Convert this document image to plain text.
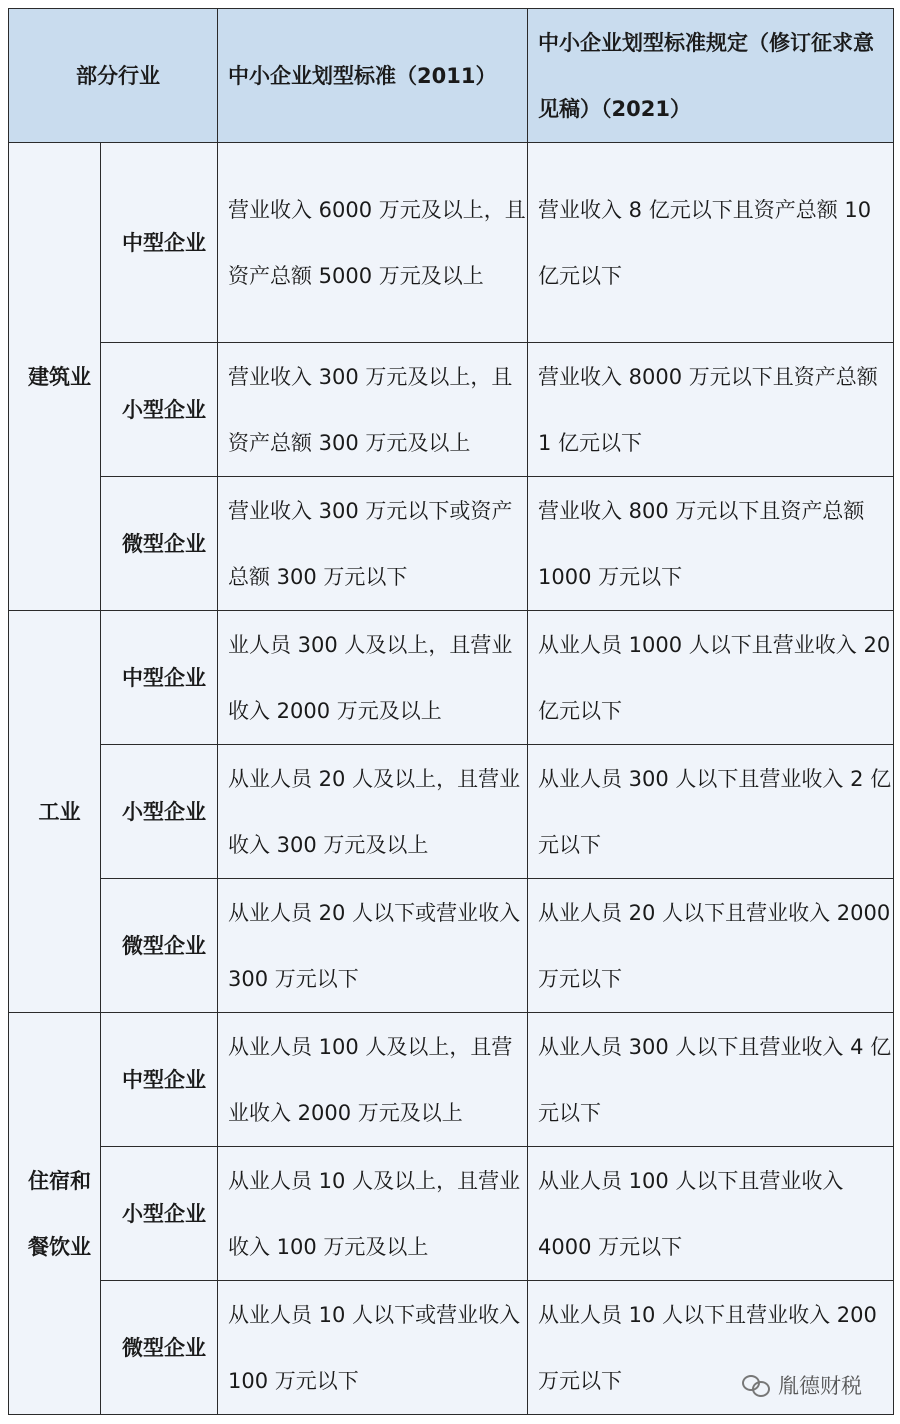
部分行业		中小企业划型标准（2011）	中小企业划型标准规定（修订征求意见稿）（2021）
建筑业	中型企业	营业收入 6000 万元及以上，且资产总额 5000 万元及以上	营业收入 8 亿元以下且资产总额 10 亿元以下
	小型企业	营业收入 300 万元及以上，且资产总额 300 万元及以上	营业收入 8000 万元以下且资产总额 1 亿元以下
	微型企业	营业收入 300 万元以下或资产总额 300 万元以下	营业收入 800 万元以下且资产总额 1000 万元以下
工业	中型企业	业人员 300 人及以上，且营业收入 2000 万元及以上	从业人员 1000 人以下且营业收入 20 亿元以下
	小型企业	从业人员 20 人及以上，且营业收入 300 万元及以上	从业人员 300 人以下且营业收入 2 亿元以下
	微型企业	从业人员 20 人以下或营业收入 300 万元以下	从业人员 20 人以下且营业收入 2000 万元以下
住宿和餐饮业	中型企业	从业人员 100 人及以上，且营业收入 2000 万元及以上	从业人员 300 人以下且营业收入 4 亿元以下
	小型企业	从业人员 10 人及以上，且营业收入 100 万元及以上	从业人员 100 人以下且营业收入 4000 万元以下
	微型企业	从业人员 10 人以下或营业收入 100 万元以下	从业人员 10 人以下且营业收入 200 万元以下	胤德财税
